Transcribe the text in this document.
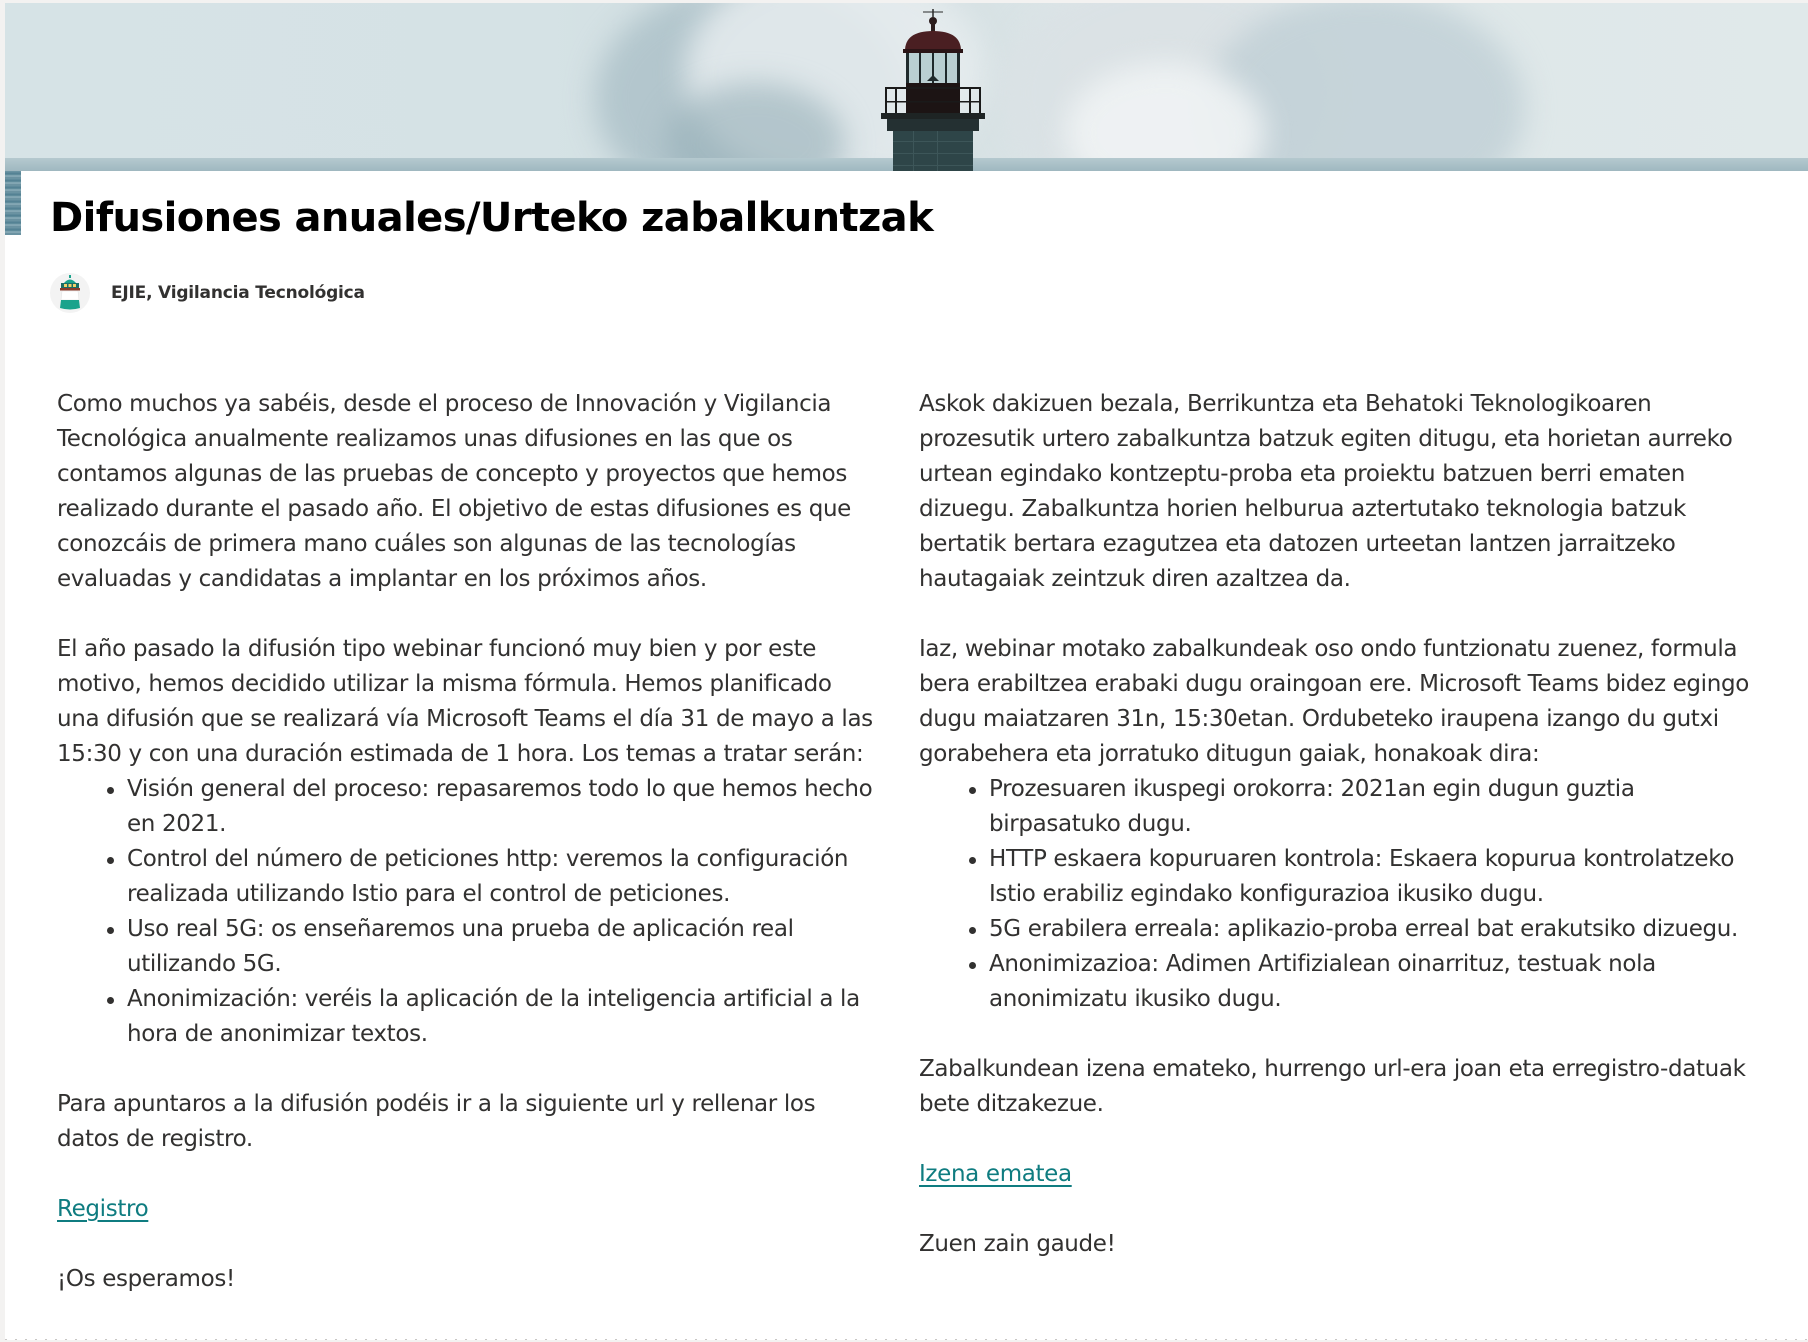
Difusiones anuales/Urteko zabalkuntzak
EJIE, Vigilancia Tecnológica

Como muchos ya sabéis, desde el proceso de Innovación y Vigilancia Tecnológica anualmente realizamos unas difusiones en las que os contamos algunas de las pruebas de concepto y proyectos que hemos realizado durante el pasado año. El objetivo de estas difusiones es que conozcáis de primera mano cuáles son algunas de las tecnologías evaluadas y candidatas a implantar en los próximos años.

El año pasado la difusión tipo webinar funcionó muy bien y por este motivo, hemos decidido utilizar la misma fórmula. Hemos planificado una difusión que se realizará vía Microsoft Teams el día 31 de mayo a las 15:30 y con una duración estimada de 1 hora. Los temas a tratar serán:

Visión general del proceso: repasaremos todo lo que hemos hecho en 2021.
Control del número de peticiones http: veremos la configuración realizada utilizando Istio para el control de peticiones.
Uso real 5G: os enseñaremos una prueba de aplicación real utilizando 5G.
Anonimización: veréis la aplicación de la inteligencia artificial a la hora de anonimizar textos.

Para apuntaros a la difusión podéis ir a la siguiente url y rellenar los datos de registro.

Registro

¡Os esperamos!

Askok dakizuen bezala, Berrikuntza eta Behatoki Teknologikoaren prozesutik urtero zabalkuntza batzuk egiten ditugu, eta horietan aurreko urtean egindako kontzeptu-proba eta proiektu batzuen berri ematen dizuegu. Zabalkuntza horien helburua aztertutako teknologia batzuk bertatik bertara ezagutzea eta datozen urteetan lantzen jarraitzeko hautagaiak zeintzuk diren azaltzea da.

Iaz, webinar motako zabalkundeak oso ondo funtzionatu zuenez, formula bera erabiltzea erabaki dugu oraingoan ere. Microsoft Teams bidez egingo dugu maiatzaren 31n, 15:30etan. Ordubeteko iraupena izango du gutxi gorabehera eta jorratuko ditugun gaiak, honakoak dira:

Prozesuaren ikuspegi orokorra: 2021an egin dugun guztia birpasatuko dugu.
HTTP eskaera kopuruaren kontrola: Eskaera kopurua kontrolatzeko Istio erabiliz egindako konfigurazioa ikusiko dugu.
5G erabilera erreala: aplikazio-proba erreal bat erakutsiko dizuegu.
Anonimizazioa: Adimen Artifizialean oinarrituz, testuak nola anonimizatu ikusiko dugu.

Zabalkundean izena emateko, hurrengo url-era joan eta erregistro-datuak bete ditzakezue.

Izena ematea

Zuen zain gaude!
